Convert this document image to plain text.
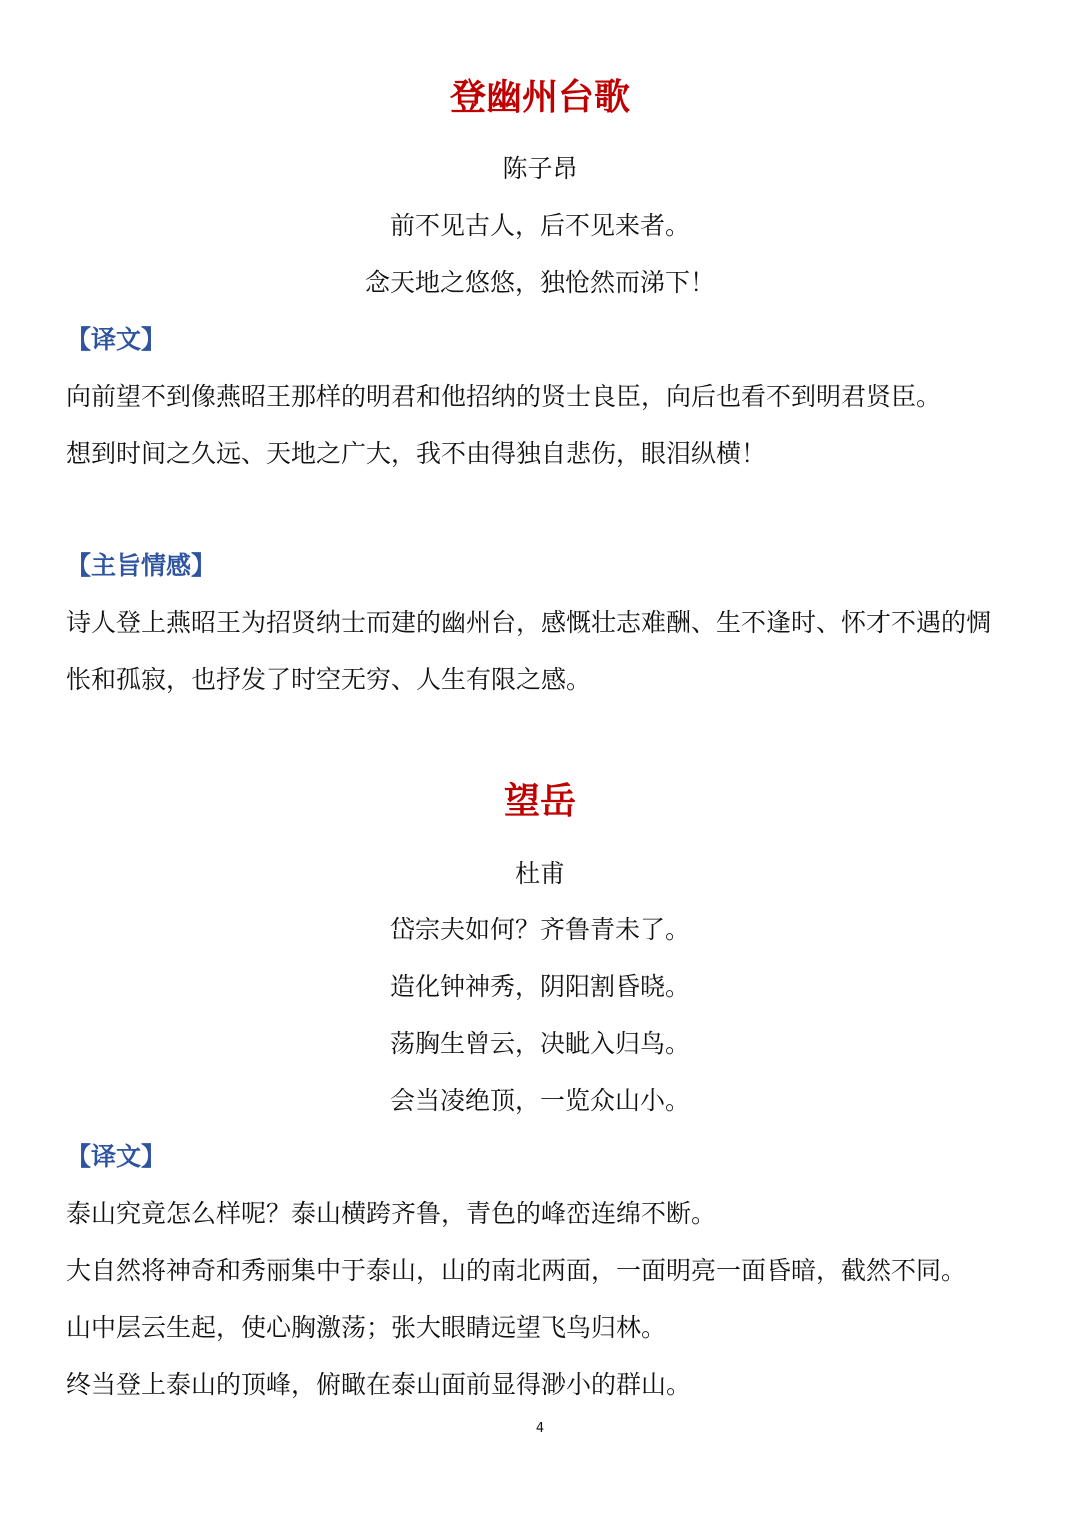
登幽州台歌

陈子昂

前不见古人，后不见来者。

念天地之悠悠，独怆然而涕下！

【译文】

向前望不到像燕昭王那样的明君和他招纳的贤士良臣，向后也看不到明君贤臣。

想到时间之久远、天地之广大，我不由得独自悲伤，眼泪纵横！

【主旨情感】

诗人登上燕昭王为招贤纳士而建的幽州台，感慨壮志难酬、生不逢时、怀才不遇的惆

怅和孤寂，也抒发了时空无穷、人生有限之感。

望岳

杜甫

岱宗夫如何？齐鲁青未了。

造化钟神秀，阴阳割昏晓。

荡胸生曾云，决眦入归鸟。

会当凌绝顶，一览众山小。

【译文】

泰山究竟怎么样呢？泰山横跨齐鲁，青色的峰峦连绵不断。

大自然将神奇和秀丽集中于泰山，山的南北两面，一面明亮一面昏暗，截然不同。

山中层云生起，使心胸激荡；张大眼睛远望飞鸟归林。

终当登上泰山的顶峰，俯瞰在泰山面前显得渺小的群山。

4
